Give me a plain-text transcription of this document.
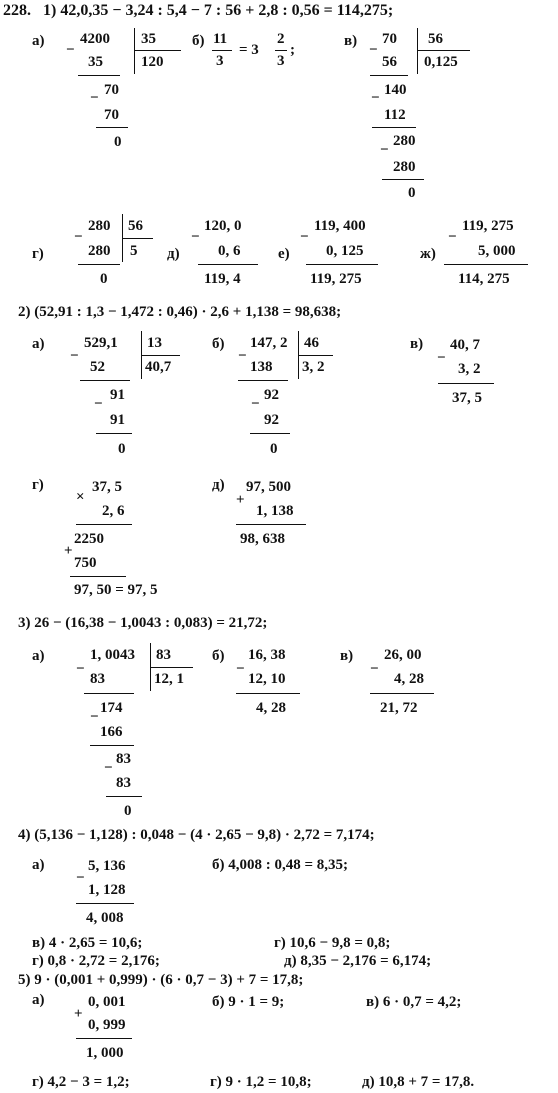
228. 1) 42,0,35 − 3,24 : 5,4 − 7 : 56 + 2,8 : 0,56 = 114,275;
а)
−
4200 35
120
35
− 70
70
0
б) 11
3
= 3
2
3
;
в)
−
70 56
0,125
56
− 140
112
−
280
280
0
г)
−
280 56
280 5
0
д)
−
120, 0
0, 6
119, 4
е)
−
119, 400
0, 125
119, 275
ж)
−
119, 275
5, 000
114, 275
2) (52,91 : 1,3 − 1,472 : 0,46) · 2,6 + 1,138 = 98,638;
а)
−
529,1 13
52	40,7
−
91
91
0
б)
−
147, 2 46
138 3, 2
−
92
92
0
в)
−
40, 7
3, 2
37, 5
г)
×
37, 5
2, 6
2250
+
750
97, 50 = 97, 5
д)
+
97, 500
1, 138
98, 638
3) 26 − (16,38 − 1,0043 : 0,083) = 21,72;
а)
−
1, 0043 83
83	12, 1
−
174
166
−
83
83
0
б)
−
16, 38
12, 10
4, 28
в)
−
26, 00
4, 28
21, 72
4) (5,136 − 1,128) : 0,048 − (4 · 2,65 − 9,8) · 2,72 = 7,174;
а)
−
5, 136
1, 128
4, 008
б) 4,008 : 0,48 = 8,35;
в) 4 · 2,65 = 10,6;	г) 10,6 − 9,8 = 0,8;
г) 0,8 · 2,72 = 2,176;	д) 8,35 − 2,176 = 6,174;
5) 9 · (0,001 + 0,999) · (6 · 0,7 − 3) + 7 = 17,8;
а)
+
0, 001
0, 999
1, 000
б) 9 · 1 = 9;	в) 6 · 0,7 = 4,2;
г) 4,2 − 3 = 1,2;	г) 9 · 1,2 = 10,8;	д) 10,8 + 7 = 17,8.
